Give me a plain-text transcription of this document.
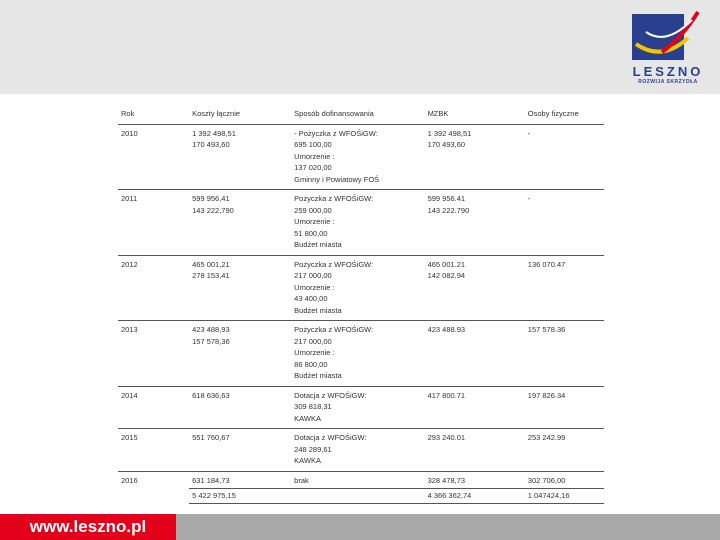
LESZNO
ROZWIJA SKRZYDŁA
Rok	Koszty łącznie	Sposób dofinansowania	MZBK	Osoby fizyczne
2010	1 392 498,51
170 493,60	- Pożyczka z WFOŚiGW:
695 100,00
Umorzenie :
137 020,00
Gminny i Powiatowy FOŚ	1 392 498,51
170 493,60	-
2011	599 956,41
143 222,790	Pożyczka z WFOŚiGW:
259 000,00
Umorzenie :
51 800,00
Budżet miasta	599 956.41
143 222.790	-
2012	465 001,21
278 153,41	Pożyczka z WFOŚiGW:
217 000,00
Umorzenie :
43 400,00
Budżet miasta	465 001.21
142 082.94	136 070.47
2013	423 488,93
157 578,36	Pożyczka z WFOŚiGW:
217 000,00
Umorzenie :
86 800,00
Budżet miasta	423 488.93	157 578.36
2014	618 636,63	Dotacja z WFOŚiGW:
309 818,31
KAWKA	417 800.71	197 826.34
2015	551 760,67	Dotacja z WFOŚiGW:
248 289,61
KAWKA	293 240.01	253 242.99
2016	631 184,73	brak	328 478,73	302 706,00
	5 422 975,15		4 366 362,74	1 047424,16
www.leszno.pl
